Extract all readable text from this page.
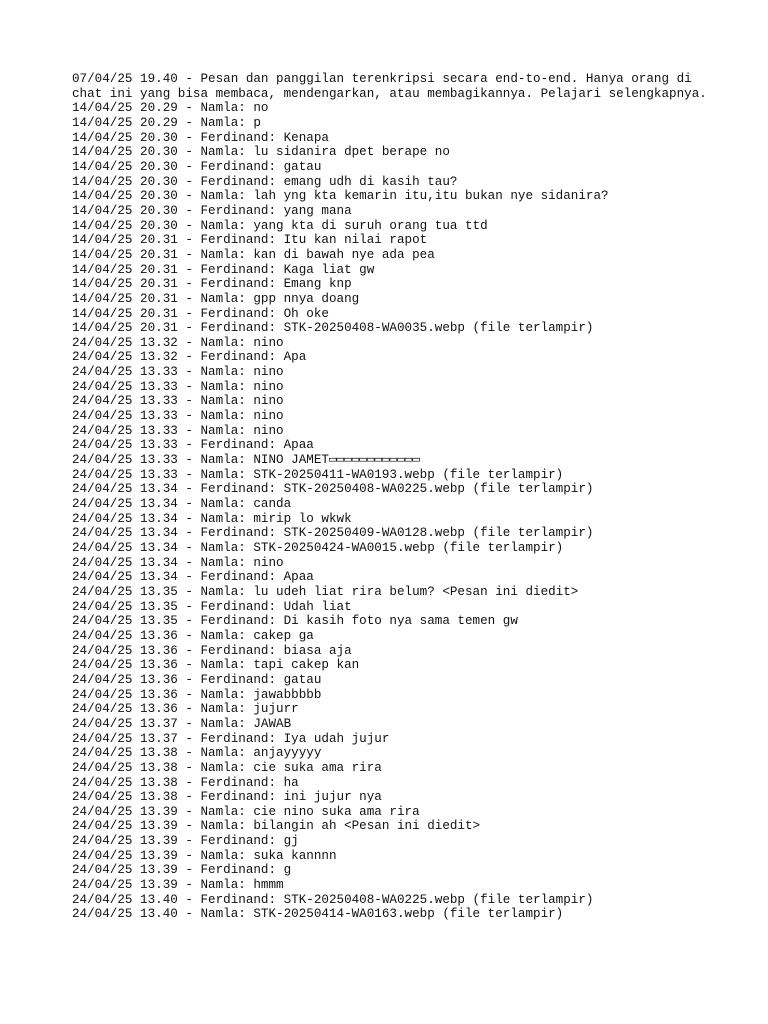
07/04/25 19.40 - Pesan dan panggilan terenkripsi secara end-to-end. Hanya orang di chat ini yang bisa membaca, mendengarkan, atau membagikannya. Pelajari selengkapnya.
14/04/25 20.29 - Namla: no
14/04/25 20.29 - Namla: p
14/04/25 20.30 - Ferdinand: Kenapa
14/04/25 20.30 - Namla: lu sidanira dpet berape no
14/04/25 20.30 - Ferdinand: gatau
14/04/25 20.30 - Ferdinand: emang udh di kasih tau?
14/04/25 20.30 - Namla: lah yng kta kemarin itu,itu bukan nye sidanira?
14/04/25 20.30 - Ferdinand: yang mana
14/04/25 20.30 - Namla: yang kta di suruh orang tua ttd
14/04/25 20.31 - Ferdinand: Itu kan nilai rapot
14/04/25 20.31 - Namla: kan di bawah nye ada pea
14/04/25 20.31 - Ferdinand: Kaga liat gw
14/04/25 20.31 - Ferdinand: Emang knp
14/04/25 20.31 - Namla: gpp nnya doang
14/04/25 20.31 - Ferdinand: Oh oke
14/04/25 20.31 - Ferdinand: STK-20250408-WA0035.webp (file terlampir)
24/04/25 13.32 - Namla: nino
24/04/25 13.32 - Ferdinand: Apa
24/04/25 13.33 - Namla: nino
24/04/25 13.33 - Namla: nino
24/04/25 13.33 - Namla: nino
24/04/25 13.33 - Namla: nino
24/04/25 13.33 - Namla: nino
24/04/25 13.33 - Ferdinand: Apaa
24/04/25 13.33 - Namla: NINO JAMET▭▭▭▭▭▭▭▭▭▭▭▭
24/04/25 13.33 - Namla: STK-20250411-WA0193.webp (file terlampir)
24/04/25 13.34 - Ferdinand: STK-20250408-WA0225.webp (file terlampir)
24/04/25 13.34 - Namla: canda
24/04/25 13.34 - Namla: mirip lo wkwk
24/04/25 13.34 - Ferdinand: STK-20250409-WA0128.webp (file terlampir)
24/04/25 13.34 - Namla: STK-20250424-WA0015.webp (file terlampir)
24/04/25 13.34 - Namla: nino
24/04/25 13.34 - Ferdinand: Apaa
24/04/25 13.35 - Namla: lu udeh liat rira belum? <Pesan ini diedit>
24/04/25 13.35 - Ferdinand: Udah liat
24/04/25 13.35 - Ferdinand: Di kasih foto nya sama temen gw
24/04/25 13.36 - Namla: cakep ga
24/04/25 13.36 - Ferdinand: biasa aja
24/04/25 13.36 - Namla: tapi cakep kan
24/04/25 13.36 - Ferdinand: gatau
24/04/25 13.36 - Namla: jawabbbbb
24/04/25 13.36 - Namla: jujurr
24/04/25 13.37 - Namla: JAWAB
24/04/25 13.37 - Ferdinand: Iya udah jujur
24/04/25 13.38 - Namla: anjayyyyy
24/04/25 13.38 - Namla: cie suka ama rira
24/04/25 13.38 - Ferdinand: ha
24/04/25 13.38 - Ferdinand: ini jujur nya
24/04/25 13.39 - Namla: cie nino suka ama rira
24/04/25 13.39 - Namla: bilangin ah <Pesan ini diedit>
24/04/25 13.39 - Ferdinand: gj
24/04/25 13.39 - Namla: suka kannnn
24/04/25 13.39 - Ferdinand: g
24/04/25 13.39 - Namla: hmmm
24/04/25 13.40 - Ferdinand: STK-20250408-WA0225.webp (file terlampir)
24/04/25 13.40 - Namla: STK-20250414-WA0163.webp (file terlampir)
